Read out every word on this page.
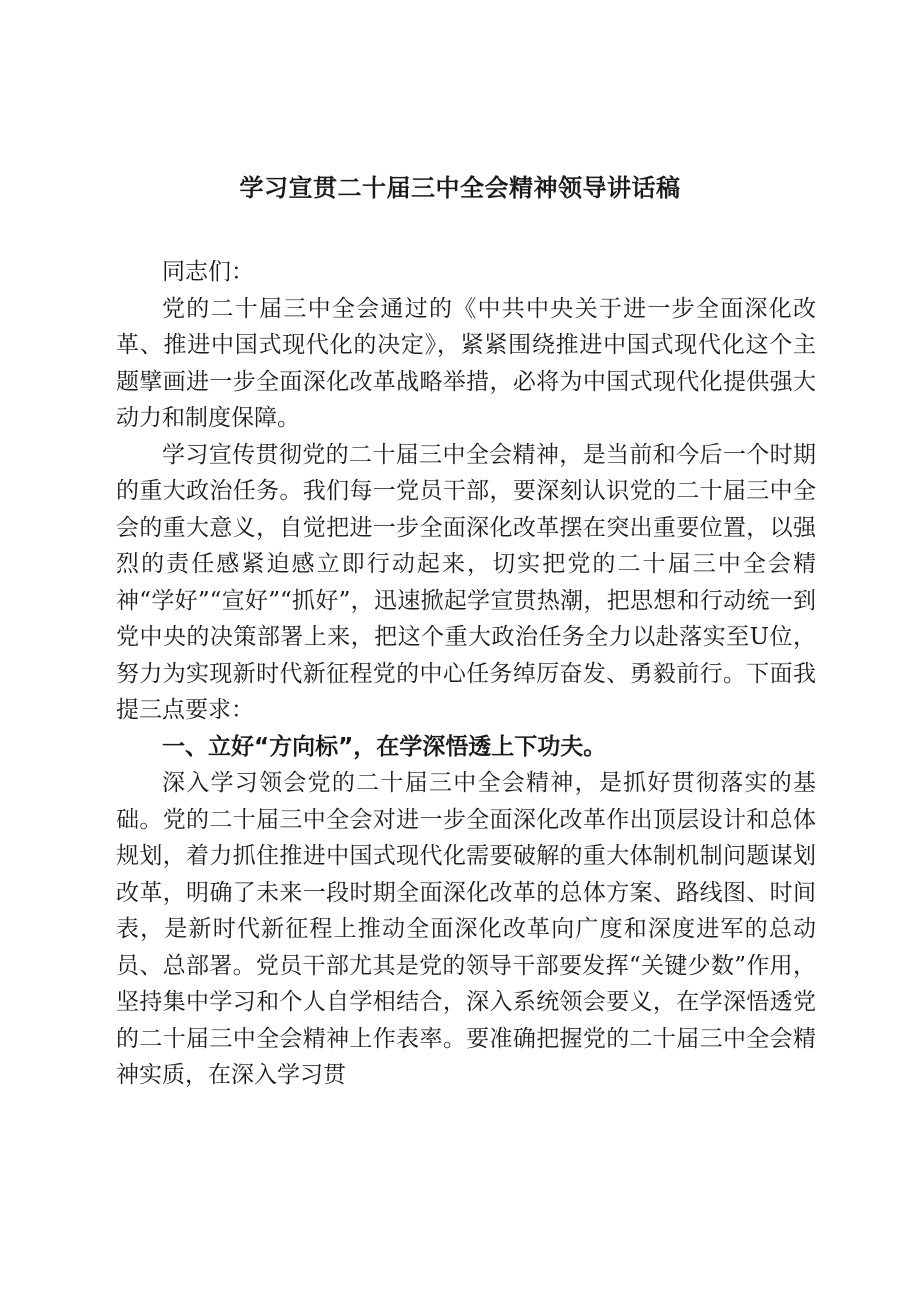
学习宣贯二十届三中全会精神领导讲话稿

同志们：

党的二十届三中全会通过的《中共中央关于进一步全面深化改革、推进中国式现代化的决定》，紧紧围绕推进中国式现代化这个主题擘画进一步全面深化改革战略举措，必将为中国式现代化提供强大动力和制度保障。

学习宣传贯彻党的二十届三中全会精神，是当前和今后一个时期的重大政治任务。我们每一党员干部，要深刻认识党的二十届三中全会的重大意义，自觉把进一步全面深化改革摆在突出重要位置，以强烈的责任感紧迫感立即行动起来，切实把党的二十届三中全会精神“学好”“宣好”“抓好”，迅速掀起学宣贯热潮，把思想和行动统一到党中央的决策部署上来，把这个重大政治任务全力以赴落实至U位，努力为实现新时代新征程党的中心任务绰厉奋发、勇毅前行。下面我提三点要求：

一、立好“方向标”，在学深悟透上下功夫。

深入学习领会党的二十届三中全会精神，是抓好贯彻落实的基础。党的二十届三中全会对进一步全面深化改革作出顶层设计和总体规划，着力抓住推进中国式现代化需要破解的重大体制机制问题谋划改革，明确了未来一段时期全面深化改革的总体方案、路线图、时间表，是新时代新征程上推动全面深化改革向广度和深度进军的总动员、总部署。党员干部尤其是党的领导干部要发挥“关键少数”作用，坚持集中学习和个人自学相结合，深入系统领会要义，在学深悟透党的二十届三中全会精神上作表率。要准确把握党的二十届三中全会精神实质，在深入学习贯
